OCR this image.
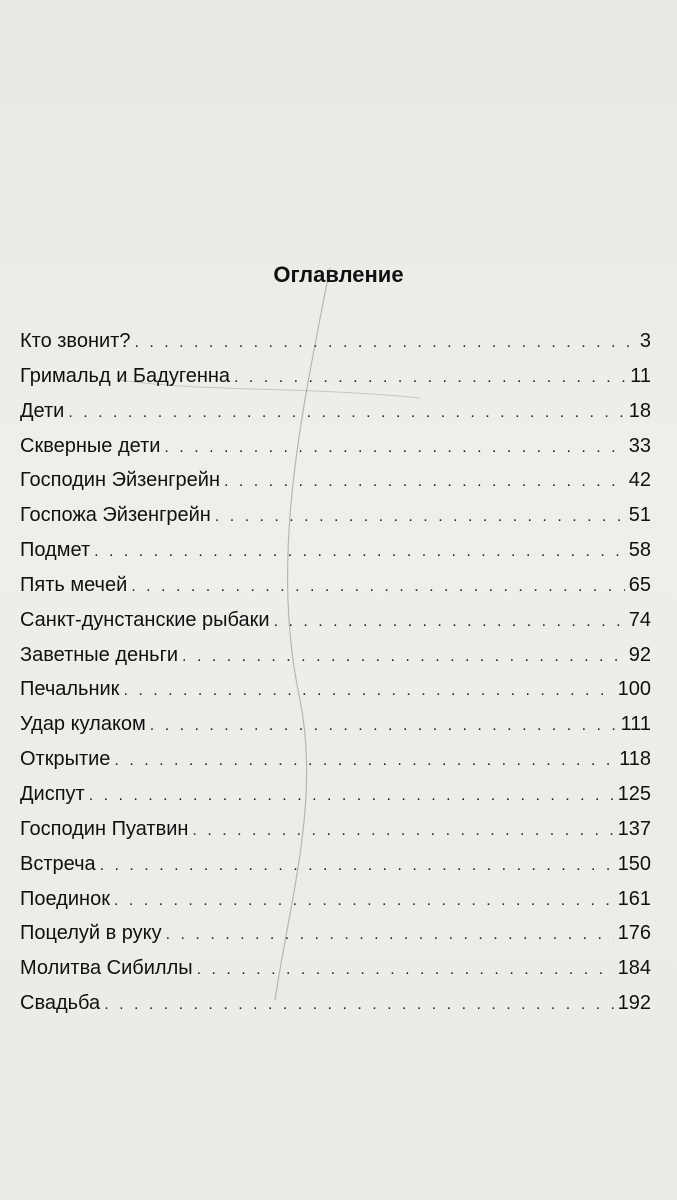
Оглавление
Кто звонит? . . .	3
Гримальд и Бадугенна . . .	11
Дети . . .	18
Скверные дети . . .	33
Господин Эйзенгрейн . . .	42
Госпожа Эйзенгрейн . . .	51
Подмет . . .	58
Пять мечей . . .	65
Санкт-дунстанские рыбаки . . .	74
Заветные деньги . . .	92
Печальник . . .	100
Удар кулаком . . .	111
Открытие . . .	118
Диспут . . .	125
Господин Пуатвин . . .	137
Встреча . . .	150
Поединок . . .	161
Поцелуй в руку . . .	176
Молитва Сибиллы . . .	184
Свадьба . . .	192
